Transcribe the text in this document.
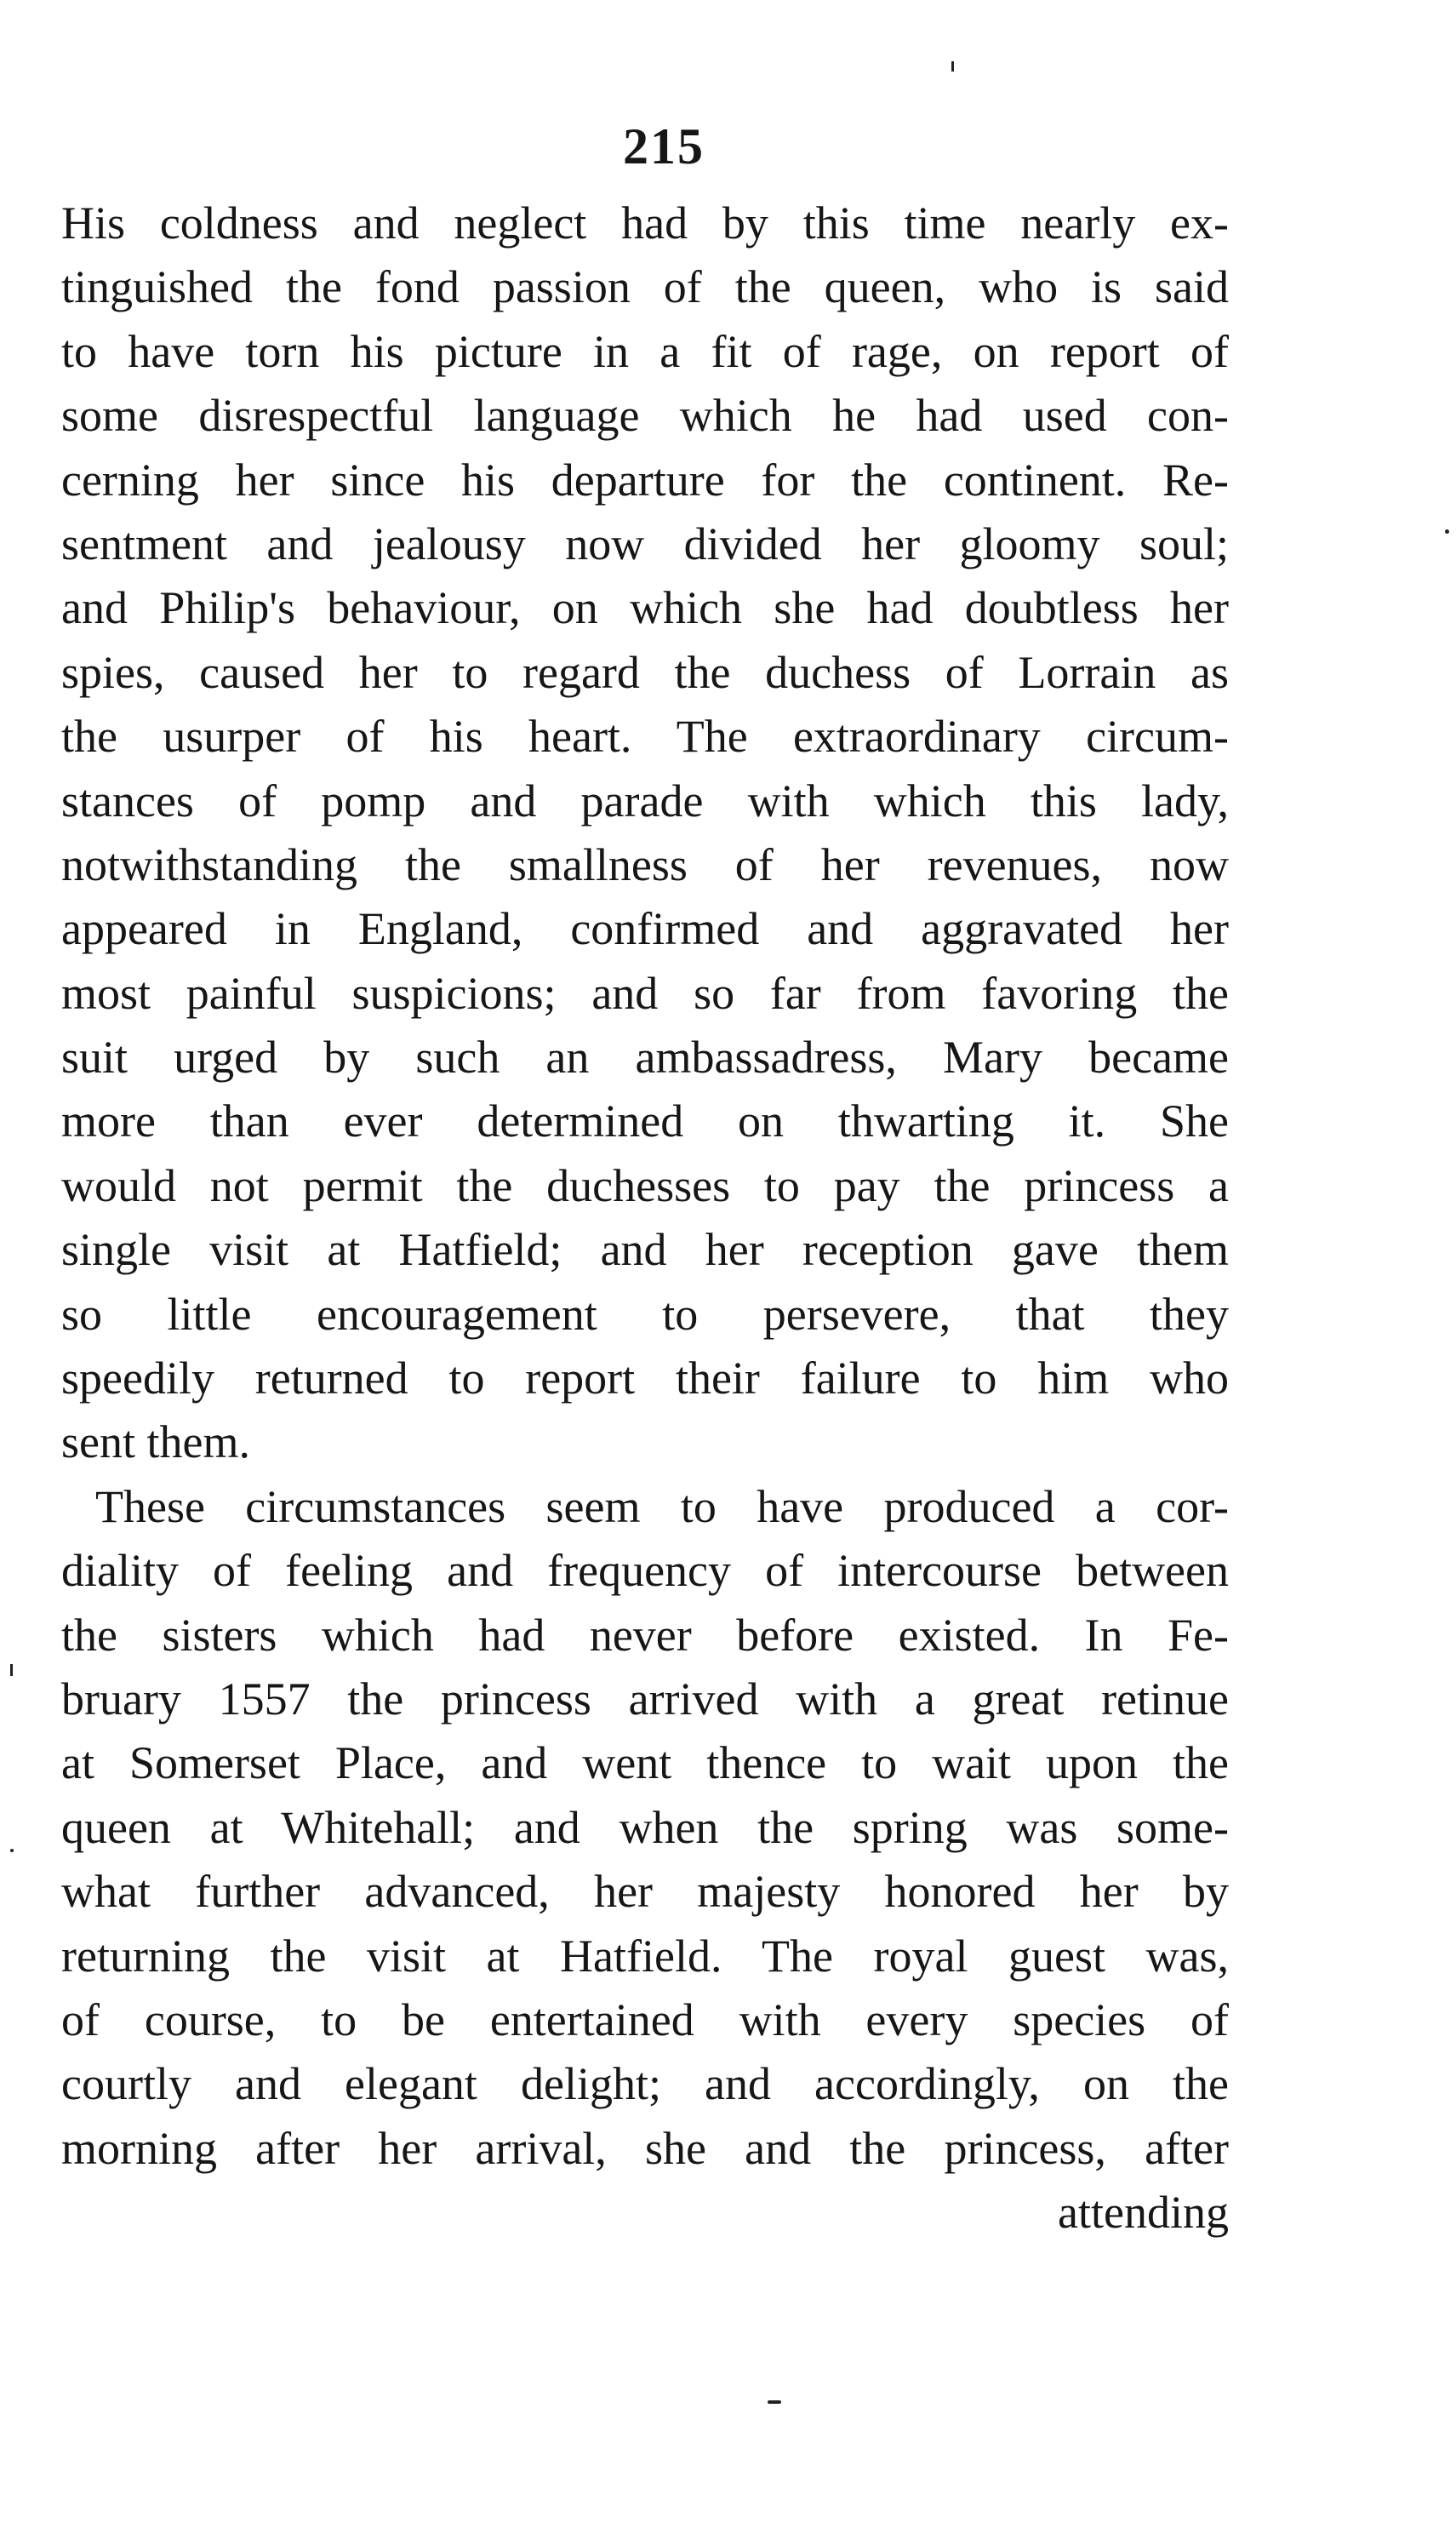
215
His coldness and neglect had by this time nearly ex-
tinguished the fond passion of the queen, who is said
to have torn his picture in a fit of rage, on report of
some disrespectful language which he had used con-
cerning her since his departure for the continent. Re-
sentment and jealousy now divided her gloomy soul;
and Philip's behaviour, on which she had doubtless her
spies, caused her to regard the duchess of Lorrain as
the usurper of his heart. The extraordinary circum-
stances of pomp and parade with which this lady,
notwithstanding the smallness of her revenues, now
appeared in England, confirmed and aggravated her
most painful suspicions; and so far from favoring the
suit urged by such an ambassadress, Mary became
more than ever determined on thwarting it. She
would not permit the duchesses to pay the princess a
single visit at Hatfield; and her reception gave them
so little encouragement to persevere, that they
speedily returned to report their failure to him who
sent them.
These circumstances seem to have produced a cor-
diality of feeling and frequency of intercourse between
the sisters which had never before existed. In Fe-
bruary 1557 the princess arrived with a great retinue
at Somerset Place, and went thence to wait upon the
queen at Whitehall; and when the spring was some-
what further advanced, her majesty honored her by
returning the visit at Hatfield. The royal guest was,
of course, to be entertained with every species of
courtly and elegant delight; and accordingly, on the
morning after her arrival, she and the princess, after
attending
